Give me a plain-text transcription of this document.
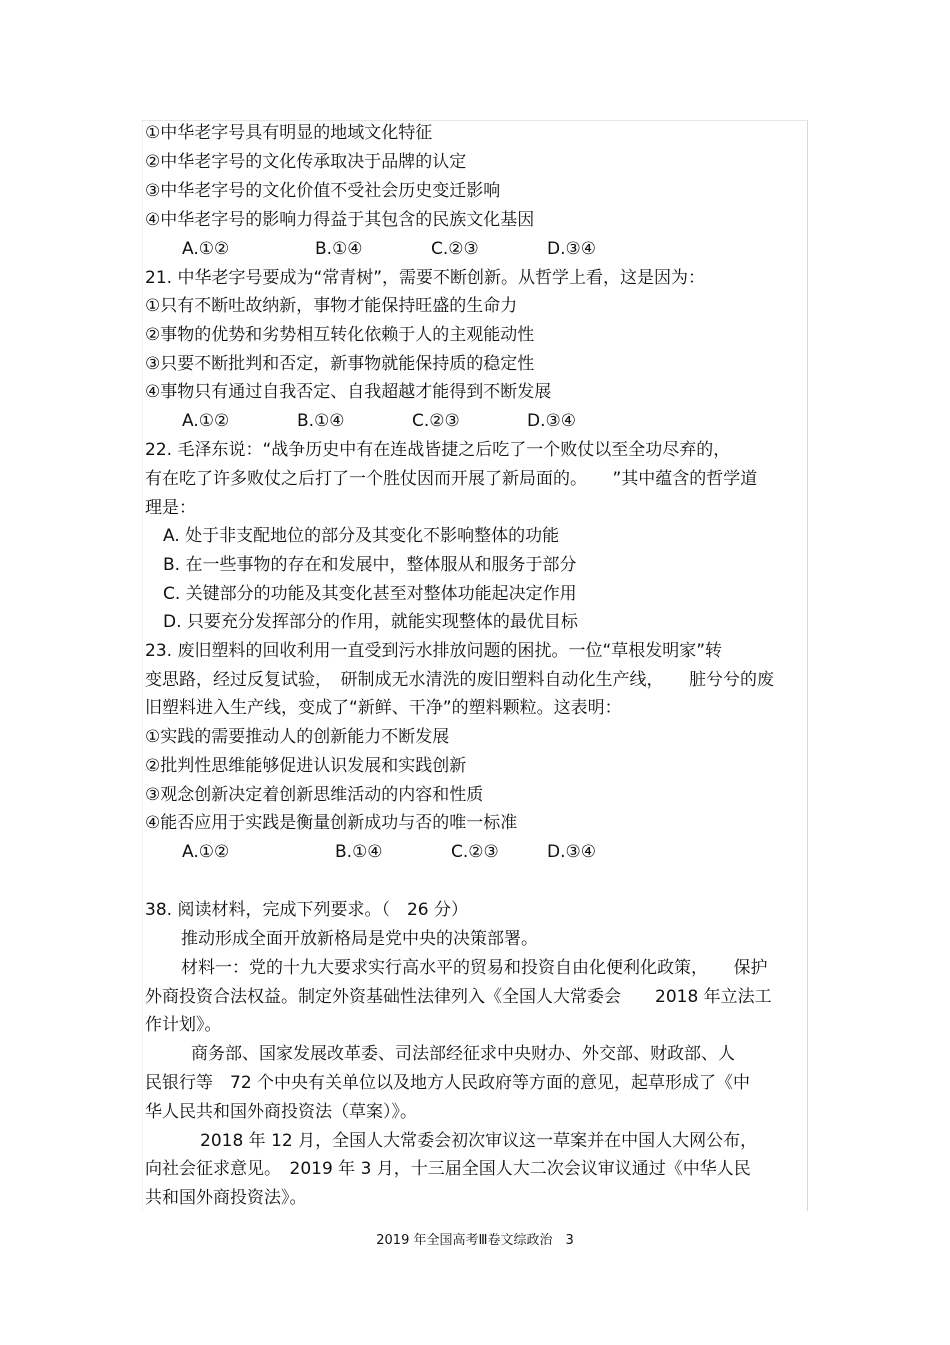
①中华老字号具有明显的地域文化特征
②中华老字号的文化传承取决于品牌的认定
③中华老字号的文化价值不受社会历史变迁影响
④中华老字号的影响力得益于其包含的民族文化基因
A.①②	B.①④	C.②③	D.③④
21. 中华老字号要成为“常青树”，需要不断创新。从哲学上看，这是因为：
①只有不断吐故纳新，事物才能保持旺盛的生命力
②事物的优势和劣势相互转化依赖于人的主观能动性
③只要不断批判和否定，新事物就能保持质的稳定性
④事物只有通过自我否定、自我超越才能得到不断发展
A.①②	B.①④	C.②③	D.③④
22. 毛泽东说：“战争历史中有在连战皆捷之后吃了一个败仗以至全功尽弃的，
有在吃了许多败仗之后打了一个胜仗因而开展了新局面的。　　”其中蕴含的哲学道
理是：
A. 处于非支配地位的部分及其变化不影响整体的功能
B. 在一些事物的存在和发展中，整体服从和服务于部分
C. 关键部分的功能及其变化甚至对整体功能起决定作用
D. 只要充分发挥部分的作用，就能实现整体的最优目标
23. 废旧塑料的回收利用一直受到污水排放问题的困扰。一位“草根发明家”转
变思路，经过反复试验，　研制成无水清洗的废旧塑料自动化生产线，　　脏兮兮的废
旧塑料进入生产线，变成了“新鲜、干净”的塑料颗粒。这表明：
①实践的需要推动人的创新能力不断发展
②批判性思维能够促进认识发展和实践创新
③观念创新决定着创新思维活动的内容和性质
④能否应用于实践是衡量创新成功与否的唯一标准
A.①②	B.①④	C.②③	D.③④
38. 阅读材料，完成下列要求。（　26 分）
推动形成全面开放新格局是党中央的决策部署。
材料一：党的十九大要求实行高水平的贸易和投资自由化便利化政策，　　保护
外商投资合法权益。制定外资基础性法律列入《全国人大常委会　　2018 年立法工
作计划》。
商务部、国家发展改革委、司法部经征求中央财办、外交部、财政部、人
民银行等　72 个中央有关单位以及地方人民政府等方面的意见，起草形成了《中
华人民共和国外商投资法（草案）》。
2018 年 12 月，全国人大常委会初次审议这一草案并在中国人大网公布，
向社会征求意见。　2019 年 3 月，十三届全国人大二次会议审议通过《中华人民
共和国外商投资法》。
2019 年全国高考Ⅲ卷文综政治　3
